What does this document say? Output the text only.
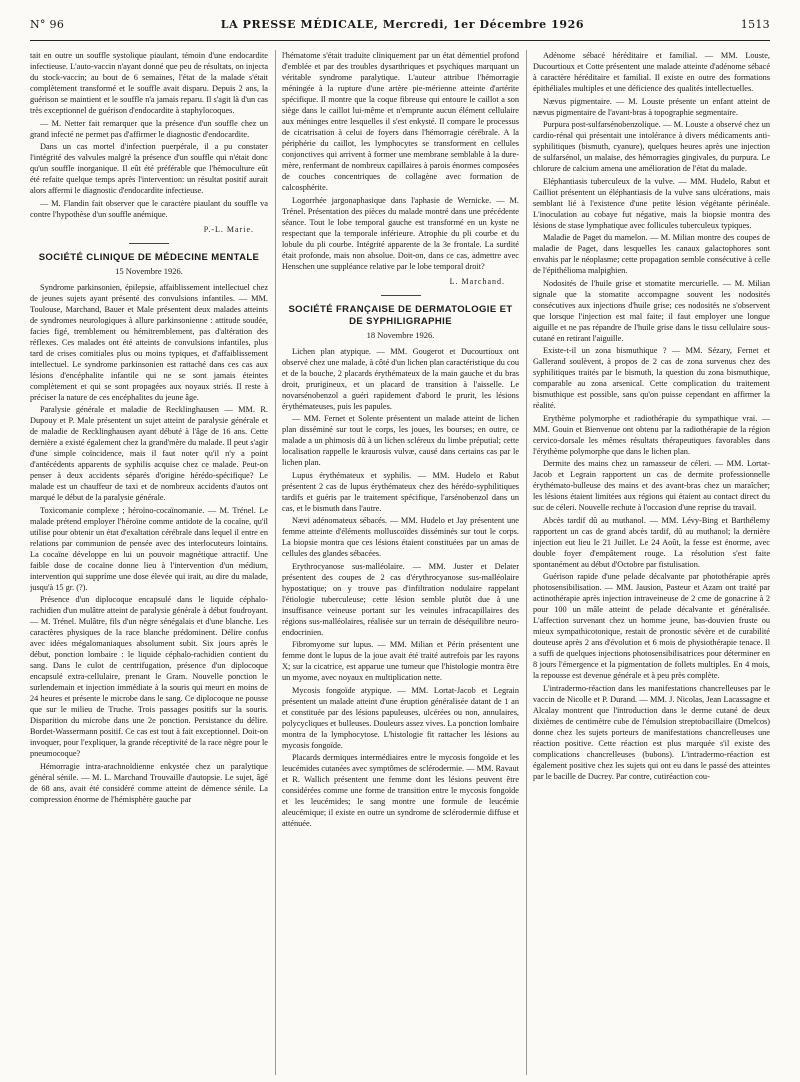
N° 96	LA PRESSE MÉDICALE, Mercredi, 1er Décembre 1926	1513

tait en outre un souffle systolique piaulant, témoin d'une endocardite infectieuse. L'auto-vaccin n'ayant donné que peu de résultats, on injecta du stock-vaccin; au bout de 6 semaines, l'état de la malade s'était complètement transformé et le souffle avait disparu. Depuis 2 ans, la guérison se maintient et le souffle n'a jamais reparu. Il s'agit là d'un cas très exceptionnel de guérison d'endocardite à staphylocoques.

— M. Netter fait remarquer que la présence d'un souffle chez un grand infecté ne permet pas d'affirmer le diagnostic d'endocardite.

Dans un cas mortel d'infection puerpérale, il a pu constater l'intégrité des valvules malgré la présence d'un souffle qui n'était donc qu'un souffle inorganique. Il eût été préférable que l'hémoculture eût été refaite quelque temps après l'intervention: un résultat positif aurait alors affermi le diagnostic d'endocardite infectieuse.

— M. Flandin fait observer que le caractère piaulant du souffle va contre l'hypothèse d'un souffle anémique.

P.-L. Marie.

SOCIÉTÉ CLINIQUE DE MÉDECINE MENTALE

15 Novembre 1926.

Syndrome parkinsonien, épilepsie, affaiblissement intellectuel chez de jeunes sujets ayant présenté des convulsions infantiles. — MM. Toulouse, Marchand, Bauer et Male présentent deux malades atteints de syndromes neurologiques à allure parkinsonienne : attitude soudée, facies figé, tremblement ou hémitremblement, pas d'altération des réflexes. Ces malades ont été atteints de convulsions infantiles, plus tard de crises comitiales plus ou moins typiques, et d'affaiblissement intellectuel. Le syndrome parkinsonien est rattaché dans ces cas aux lésions d'encéphalite infantile qui ne se sont jamais éteintes complètement et qui se sont propagées aux noyaux striés. Il reste à préciser la nature de ces encéphalites du jeune âge.

Paralysie générale et maladie de Recklinghausen — MM. R. Dupouy et P. Male présentent un sujet atteint de paralysie générale et de maladie de Recklinghausen ayant débuté à l'âge de 16 ans. Cette dernière a existé également chez la grand'mère du malade. Il peut s'agir d'une simple coïncidence, mais il faut noter qu'il n'y a point d'antécédents apparents de syphilis acquise chez ce malade. Peut-on penser à deux accidents séparés d'origine hérédo-spécifique? Le malade est un chauffeur de taxi et de nombreux accidents d'autos ont marqué le début de la paralysie générale.

Toxicomanie complexe ; héroïno-cocaïnomanie. — M. Trénel. Le malade prétend employer l'héroïne comme antidote de la cocaïne, qu'il utilise pour obtenir un état d'exaltation cérébrale dans lequel il entre en relations par communion de pensée avec des interlocuteurs lointains. La cocaïne développe en lui un pouvoir magnétique attractif. Une faible dose de cocaïne donne lieu à l'intervention d'un médium, intervention qui suppríme une dose élevée qui irait, au dire du malade, jusqu'à 15 gr. (?).

Présence d'un diplocoque encapsulé dans le liquide céphalo-rachidien d'un mulâtre atteint de paralysie générale à début foudroyant. — M. Trénel. Mulâtre, fils d'un nègre sénégalais et d'une blanche. Les caractères physiques de la race blanche prédominent. Délire confus avec idées mégalomaniaques absolument subit. Six jours après le début, ponction lombaire : le liquide céphalo-rachidien contient du sang. Dans le culot de centrifugation, présence d'un diplocoque encapsulé extra-cellulaire, prenant le Gram. Nouvelle ponction le surlendemain et injection immédiate à la souris qui meurt en moins de 24 heures et présente le microbe dans le sang. Ce diplocoque ne pousse que sur le milieu de Truche. Trois passages positifs sur la souris. Disparition du microbe dans une 2e ponction. Persistance du délire. Bordet-Wassermann positif. Ce cas est tout à fait exceptionnel. Doit-on invoquer, pour l'expliquer, la grande réceptivité de la race nègre pour le pneumocoque?

Hémorragie intra-arachnoïdienne enkystée chez un paralytique général sénile. — M. L. Marchand Trouvaille d'autopsie. Le sujet, âgé de 68 ans, avait été considéré comme atteint de démence sénile. La compression énorme de l'hémisphère gauche par

l'hématome s'était traduite cliniquement par un état démentiel profond d'emblée et par des troubles dysarthriques et psychiques marquant un véritable syndrome paralytique. L'auteur attribue l'hémorragie méningée à la rupture d'une artère pie-mérienne atteinte d'artérite spécifique. Il montre que la coque fibreuse qui entoure le caillot a son siège dans le caillot lui-même et n'emprunte aucun élément cellulaire aux méninges entre lesquelles il s'est enkysté. Il compare le processus de cicatrisation à celui de foyers dans l'hémorragie cérébrale. A la périphérie du caillot, les lymphocytes se transforment en cellules conjonctives qui arrivent à former une membrane semblable à la dure-mère, renfermant de nombreux capillaires à parois énormes composées de couches concentriques de collagène avec formation de calcosphérite.

Logorrhée jargonaphasique dans l'aphasie de Wernicke. — M. Trénel. Présentation des pièces du malade montré dans une précédente séance. Tout le lobe temporal gauche est transformé en un kyste ne respectant que la temporale inférieure. Atrophie du pli courbe et du lobule du pli courbe. Intégrité apparente de la 3e frontale. La surdité était profonde, mais non absolue. Doit-on, dans ce cas, admettre avec Henschen une suppléance relative par le lobe temporal droit?

L. Marchand.

SOCIÉTÉ FRANÇAISE DE DERMATOLOGIE ET DE SYPHILIGRAPHIE

18 Novembre 1926.

Lichen plan atypique. — MM. Gougerot et Ducourtioux ont observé chez une malade, à côté d'un lichen plan caractéristique du cou et de la bouche, 2 placards érythémateux de la main gauche et du bras droit, prurigineux, et un placard de transition à l'aisselle. Le novarsénobenzol a guéri rapidement d'abord le prurit, les lésions érythémateuses, puis les papules.

— MM. Fernet et Solente présentent un malade atteint de lichen plan disséminé sur tout le corps, les joues, les bourses; en outre, ce malade a un phimosis dû à un lichen scléreux du limbe préputial; cette localisation rappelle le kraurosis vulvæ, causé dans certains cas par le lichen plan.

Lupus érythémateux et syphilis. — MM. Hudelo et Rabut présentent 2 cas de lupus érythémateux chez des hérédo-syphilitiques tardifs et guéris par le traitement spécifique, l'arsénobenzol dans un cas, et le bismuth dans l'autre.

Nævi adénomateux sébacés. — MM. Hudelo et Jay présentent une femme atteinte d'éléments molluscoïdes disséminés sur tout le corps. La biopsie montra que ces lésions étaient constituées par un amas de cellules des glandes sébacées.

Erythrocyanose sus-malléolaire. — MM. Juster et Delater présentent des coupes de 2 cas d'érythrocyanose sus-malléolaire hypostatique; on y trouve pas d'infiltration nodulaire rappelant l'étiologie tuberculeuse; cette lésion semble plutôt due à une insuffisance veineuse portant sur les veinules infracapillaires des régions sus-malléolaires, réalisée sur un terrain de déséquilibre neuro-endocrinien.

Fibromyome sur lupus. — MM. Milian et Périn présentent une femme dont le lupus de la joue avait été traité autrefois par les rayons X; sur la cicatrice, est apparue une tumeur que l'histologie montra être un myome, avec noyaux en multiplication nette.

Mycosis fongoïde atypique. — MM. Lortat-Jacob et Legrain présentent un malade atteint d'une éruption généralisée datant de 1 an et constituée par des lésions papuleuses, ulcérées ou non, annulaires, polycycliques et bulleuses. Douleurs assez vives. La ponction lombaire montra de la lymphocytose. L'histologie fit rattacher les lésions au mycosis fongoïde.

Placards dermiques intermédiaires entre le mycosis fongoïde et les leucémides cutanées avec symptômes de sclérodermie. — MM. Ravaut et R. Wallich présentent une femme dont les lésions peuvent être considérées comme une forme de transition entre le mycosis fongoïde et les leucémides; le sang montre une formule de leucémie aleucémique; il existe en outre un syndrome de sclérodermie diffuse et atténuée.

Adénome sébacé héréditaire et familial. — MM. Louste, Ducourtioux et Cotte présentent une malade atteinte d'adénome sébacé à caractère héréditaire et familial. Il existe en outre des formations épithéliales multiples et une déficience des qualités intellectuelles.

Nævus pigmentaire. — M. Louste présente un enfant atteint de nævus pigmentaire de l'avant-bras à topographie segmentaire.

Purpura post-sulfarsénobenzolique. — M. Louste a observé chez un cardio-rénal qui présentait une intolérance à divers médicaments anti-syphilitiques (bismuth, cyanure), quelques heures après une injection de sulfarsénol, un malaise, des hémorragies gingivales, du purpura. Le chlorure de calcium amena une amélioration de l'état du malade.

Eléphantiasis tuberculeux de la vulve. — MM. Hudelo, Rabut et Cailliot présentent un éléphantiasis de la vulve sans ulcérations, mais semblant lié à l'existence d'une petite lésion végétante périnéale. L'inoculation au cobaye fut négative, mais la biopsie montra des lésions de stase lymphatique avec follicules tuberculeux typiques.

Maladie de Paget du mamelon. — M. Milian montre des coupes de maladie de Paget, dans lesquelles les canaux galactophores sont envahis par le néoplasme; cette propagation semble consécutive à celle de l'épithélioma malpighien.

Nodosités de l'huile grise et stomatite mercurielle. — M. Milian signale que la stomatite accompagne souvent les nodosités consécutives aux injections d'huile grise; ces nodosités ne s'observent que lorsque l'injection est mal faite; il faut employer une longue aiguille et ne pas répandre de l'huile grise dans le tissu cellulaire sous-cutané en retirant l'aiguille.

Existe-t-il un zona bismuthique ? — MM. Sézary, Fernet et Gallerand soulèvent, à propos de 2 cas de zona survenus chez des syphilitiques traités par le bismuth, la question du zona bismuthique, comparable au zona arsenical. Cette complication du traitement bismuthique est possible, sans qu'on puisse cependant en affirmer la réalité.

Erythème polymorphe et radiothérapie du sympathique vrai. — MM. Gouin et Bienvenue ont obtenu par la radiothérapie de la région cervico-dorsale les mêmes résultats thérapeutiques favorables dans l'érythème polymorphe que dans le lichen plan.

Dermite des mains chez un ramasseur de céleri. — MM. Lortat-Jacob et Legrain rapportent un cas de dermite professionnelle érythémato-bulleuse des mains et des avant-bras chez un maraîcher; les lésions étaient limitées aux régions qui étaient au contact direct du suc de céleri. Nouvelle rechute à l'occasion d'une reprise du travail.

Abcès tardif dû au muthanol. — MM. Lévy-Bing et Barthélemy rapportent un cas de grand abcès tardif, dû au muthanol; la dernière injection eut lieu le 21 Juillet. Le 24 Août, la fesse est énorme, avec double foyer d'empâtement rouge. La résolution s'est faite spontanément au début d'Octobre par fistulisation.

Guérison rapide d'une pelade décalvante par photothérapie après photosensibilisation. — MM. Jausion, Pasteur et Azam ont traité par actinothérapie après injection intraveineuse de 2 cme de gonacrine à 2 pour 100 un mâle atteint de pelade décalvante et généralisée. L'affection survenant chez un homme jeune, bas-douvien fruste ou mieux sympathicotonique, restait de pronostic sévère et de curabilité douteuse après 2 ans d'évolution et 6 mois de physiothérapie tenace. Il a suffi de quelques injections photosensibilisatrices pour déterminer en 8 jours l'émergence et la pigmentation de follets multiples. En 4 mois, la repousse est devenue générale et à peu près complète.

L'intradermo-réaction dans les manifestations chancrelleuses par le vaccin de Nicolle et P. Durand. — MM. J. Nicolas, Jean Lacassagne et Alcalay montrent que l'introduction dans le derme cutané de deux dixièmes de centimètre cube de l'émulsion streptobacillaire (Dmelcos) donne chez les sujets porteurs de manifestations chancrelleuses une réaction positive. Cette réaction est plus marquée s'il existe des complications chancrelleuses (bubons). L'intradermo-réaction est également positive chez les sujets qui ont eu dans le passé des atteintes par le bacille de Ducrey. Par contre, cutiréaction cou-
